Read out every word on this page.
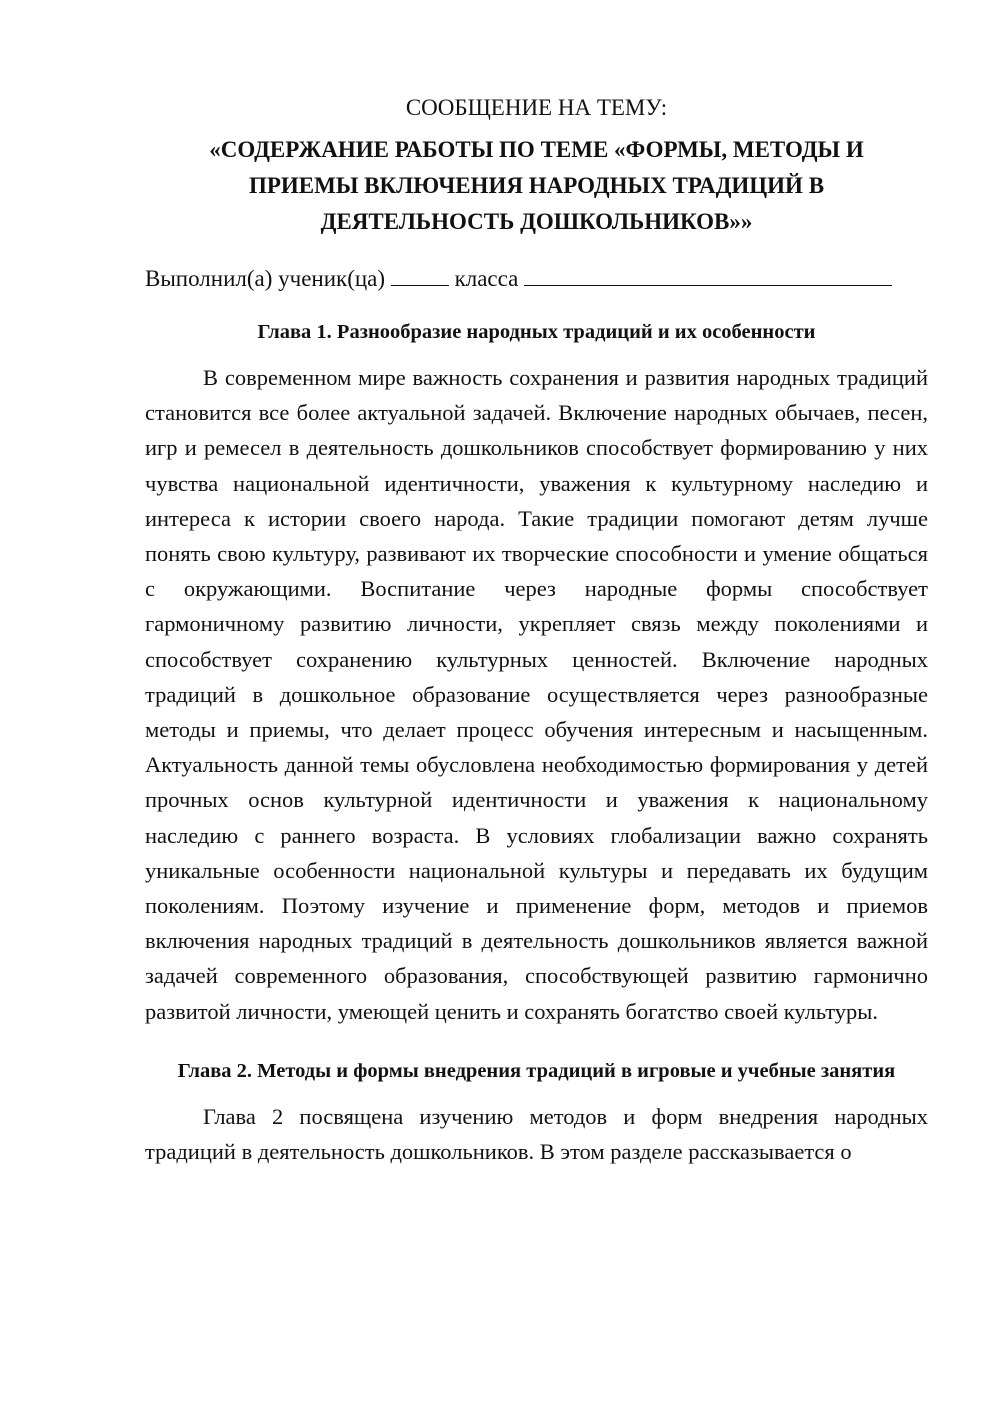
СООБЩЕНИЕ НА ТЕМУ:
«СОДЕРЖАНИЕ РАБОТЫ ПО ТЕМЕ «ФОРМЫ, МЕТОДЫ И ПРИЕМЫ ВКЛЮЧЕНИЯ НАРОДНЫХ ТРАДИЦИЙ В ДЕЯТЕЛЬНОСТЬ ДОШКОЛЬНИКОВ»»
Выполнил(а) ученик(ца)	класса
Глава 1. Разнообразие народных традиций и их особенности

В современном мире важность сохранения и развития народных традиций становится все более актуальной задачей. Включение народных обычаев, песен, игр и ремесел в деятельность дошкольников способствует формированию у них чувства национальной идентичности, уважения к культурному наследию и интереса к истории своего народа. Такие традиции помогают детям лучше понять свою культуру, развивают их творческие способности и умение общаться с окружающими. Воспитание через народные формы способствует гармоничному развитию личности, укрепляет связь между поколениями и способствует сохранению культурных ценностей. Включение народных традиций в дошкольное образование осуществляется через разнообразные методы и приемы, что делает процесс обучения интересным и насыщенным. Актуальность данной темы обусловлена необходимостью формирования у детей прочных основ культурной идентичности и уважения к национальному наследию с раннего возраста. В условиях глобализации важно сохранять уникальные особенности национальной культуры и передавать их будущим поколениям. Поэтому изучение и применение форм, методов и приемов включения народных традиций в деятельность дошкольников является важной задачей современного образования, способствующей развитию гармонично развитой личности, умеющей ценить и сохранять богатство своей культуры.

Глава 2. Методы и формы внедрения традиций в игровые и учебные занятия

Глава 2 посвящена изучению методов и форм внедрения народных традиций в деятельность дошкольников. В этом разделе рассказывается о
